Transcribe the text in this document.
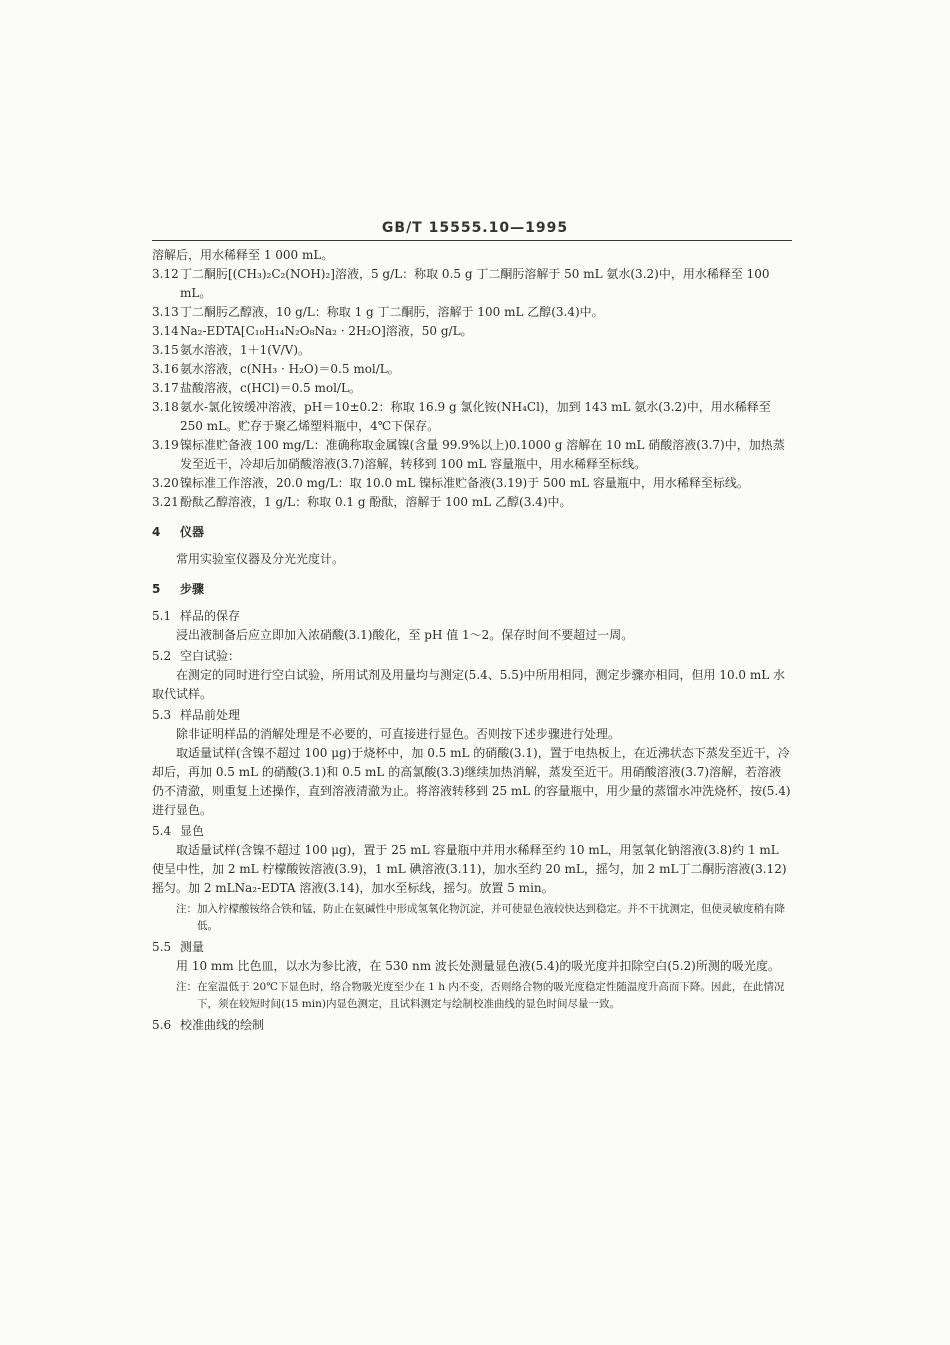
GB/T 15555.10—1995

溶解后，用水稀释至 1 000 mL。

3.12 丁二酮肟[(CH₃)₂C₂(NOH)₂]溶液，5 g/L：称取 0.5 g 丁二酮肟溶解于 50 mL 氨水(3.2)中，用水稀释至 100 mL。
3.13 丁二酮肟乙醇液，10 g/L：称取 1 g 丁二酮肟，溶解于 100 mL 乙醇(3.4)中。
3.14 Na₂-EDTA[C₁₀H₁₄N₂O₈Na₂ · 2H₂O]溶液，50 g/L。
3.15 氨水溶液，1＋1(V/V)。
3.16 氨水溶液，c(NH₃ · H₂O)＝0.5 mol/L。
3.17 盐酸溶液，c(HCl)＝0.5 mol/L。
3.18 氨水-氯化铵缓冲溶液，pH＝10±0.2：称取 16.9 g 氯化铵(NH₄Cl)，加到 143 mL 氨水(3.2)中，用水稀释至 250 mL。贮存于聚乙烯塑料瓶中，4℃下保存。
3.19 镍标准贮备液 100 mg/L：准确称取金属镍(含量 99.9%以上)0.1000 g 溶解在 10 mL 硝酸溶液(3.7)中，加热蒸发至近干，冷却后加硝酸溶液(3.7)溶解，转移到 100 mL 容量瓶中，用水稀释至标线。
3.20 镍标准工作溶液，20.0 mg/L：取 10.0 mL 镍标准贮备液(3.19)于 500 mL 容量瓶中，用水稀释至标线。
3.21 酚酞乙醇溶液，1 g/L：称取 0.1 g 酚酞，溶解于 100 mL 乙醇(3.4)中。
4 仪器

常用实验室仪器及分光光度计。

5 步骤
5.1 样品的保存

浸出液制备后应立即加入浓硝酸(3.1)酸化，至 pH 值 1～2。保存时间不要超过一周。

5.2 空白试验：

在测定的同时进行空白试验，所用试剂及用量均与测定(5.4、5.5)中所用相同，测定步骤亦相同，但用 10.0 mL 水取代试样。

5.3 样品前处理

除非证明样品的消解处理是不必要的，可直接进行显色。否则按下述步骤进行处理。

取适量试样(含镍不超过 100 μg)于烧杯中，加 0.5 mL 的硝酸(3.1)，置于电热板上，在近沸状态下蒸发至近干，冷却后，再加 0.5 mL 的硝酸(3.1)和 0.5 mL 的高氯酸(3.3)继续加热消解，蒸发至近干。用硝酸溶液(3.7)溶解，若溶液仍不清澈，则重复上述操作，直到溶液清澈为止。将溶液转移到 25 mL 的容量瓶中，用少量的蒸馏水冲洗烧杯，按(5.4)进行显色。

5.4 显色

取适量试样(含镍不超过 100 μg)，置于 25 mL 容量瓶中并用水稀释至约 10 mL，用氢氧化钠溶液(3.8)约 1 mL 使呈中性，加 2 mL 柠檬酸铵溶液(3.9)，1 mL 碘溶液(3.11)，加水至约 20 mL，摇匀，加 2 mL丁二酮肟溶液(3.12)摇匀。加 2 mLNa₂-EDTA 溶液(3.14)，加水至标线，摇匀。放置 5 min。

注： 加入柠檬酸铵络合铁和锰，防止在氨碱性中形成氢氧化物沉淀，并可使显色液较快达到稳定。并不干扰测定，但使灵敏度稍有降低。
5.5 测量

用 10 mm 比色皿，以水为参比液，在 530 nm 波长处测量显色液(5.4)的吸光度并扣除空白(5.2)所测的吸光度。

注： 在室温低于 20℃下显色时，络合物吸光度至少在 1 h 内不变，否则络合物的吸光度稳定性随温度升高而下降。因此，在此情况下，须在较短时间(15 min)内显色测定，且试料测定与绘制校准曲线的显色时间尽量一致。
5.6 校准曲线的绘制
